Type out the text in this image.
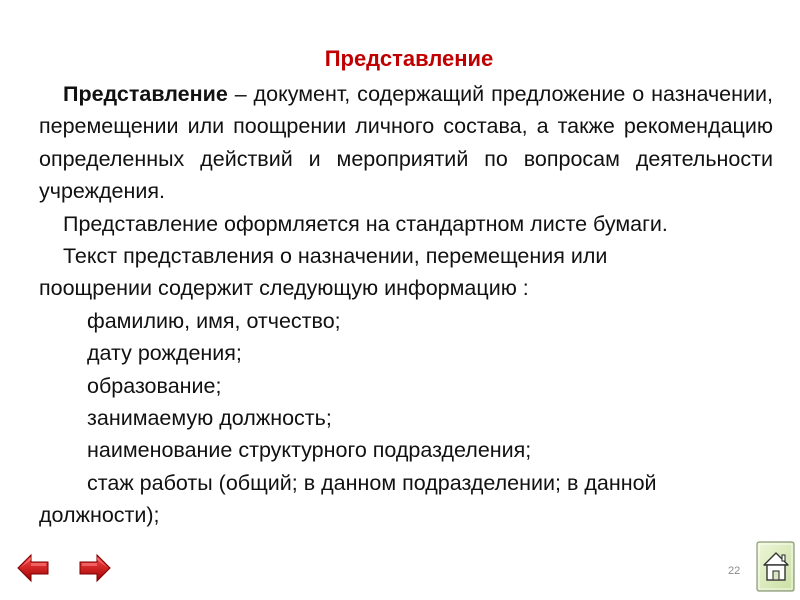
Представление

Представление – документ, содержащий предложение о назначении, перемещении или поощрении личного состава, а также рекомендацию определенных действий и мероприятий по вопросам деятельности учреждения.

Представление оформляется на стандартном листе бумаги.

Текст представления о назначении, перемещения или
поощрении содержит следующую информацию :

фамилию, имя, отчество;

дату рождения;

образование;

занимаемую должность;

наименование структурного подразделения;

стаж работы (общий; в данном подразделении; в данной должности);

22
